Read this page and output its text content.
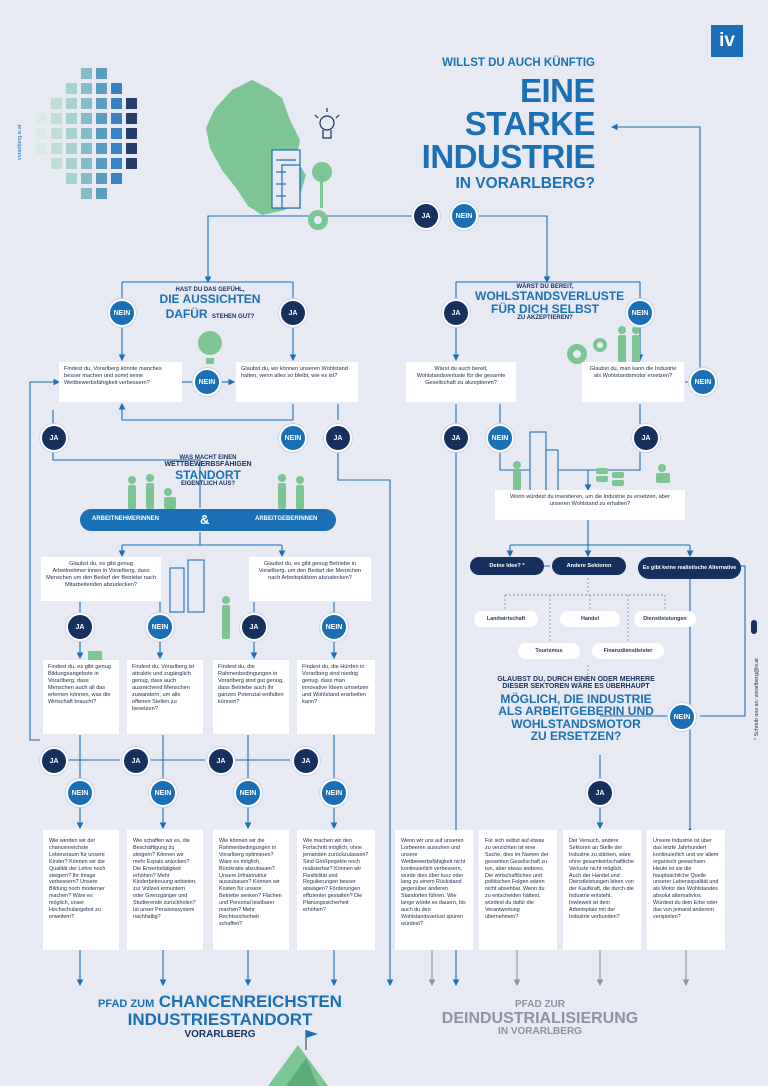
vorarlberg.iv.at
* Schreib uns an: vorarlberg@iv.at
iv
WILLST DU AUCH KÜNFTIG
EINE STARKE
INDUSTRIE
IN VORARLBERG?
JA	NEIN
HAST DU DAS GEFÜHL,
DIE AUSSICHTEN
DAFÜR STEHEN GUT?
NEIN	JA
WÄRST DU BEREIT,
WOHLSTANDSVERLUSTE
FÜR DICH SELBST
ZU AKZEPTIEREN?
JA	NEIN
Findest du, Vorarlberg könnte manches besser machen und somit seine Wettbewerbsfähigkeit verbessern?	NEIN
Glaubst du, wir können unseren Wohlstand halten, wenn alles so bleibt, wie es ist?
Wärst du auch bereit, Wohlstandsverluste für die gesamte Gesellschaft zu akzeptieren?
Glaubst du, man kann die Industrie als Wohlstandsmotor ersetzen?
NEIN
JA	NEIN	JA	JA	NEIN	JA
WAS MACHT EINEN
WETTBEWERBSFÄHIGEN
STANDORT
EIGENTLICH AUS?
ARBEITNEHMERINNEN	&	ARBEITGEBERINNEN
Worin würdest du investieren, um die Industrie zu ersetzen, aber unseren Wohlstand zu erhalten?
Deine Idee? *	Andere Sektoren	Es gibt keine realistische Alternative
Landwirtschaft	Handel	Dienstleistungen
Tourismus	Finanzdienstleister
GLAUBST DU, DURCH EINEN ODER MEHRERE
DIESER SEKTOREN WÄRE ES ÜBERHAUPT
MÖGLICH, DIE INDUSTRIE
ALS ARBEITGEBERIN UND
WOHLSTANDSMOTOR
ZU ERSETZEN?
NEIN
JA
Glaubst du, es gibt genug Arbeitnehmer:innen in Vorarlberg, dass Menschen um den Bedarf der Betriebe nach Mitarbeitenden abzudecken?
Glaubst du, es gibt genug Betriebe in Vorarlberg, um den Bedarf der Menschen nach Arbeitsplätzen abzudecken?
JA	NEIN	JA	NEIN
Findest du, es gibt genug Bildungsangebote in Vorarlberg, dass Menschen auch all das erlernen können, was die Wirtschaft braucht?
Findest du, Vorarlberg ist attraktiv und zugänglich genug, dass auch ausreichend Menschen zuwandern, um alle offenen Stellen zu besetzen?
Findest du, die Rahmenbedingungen in Vorarlberg sind gut genug, dass Betriebe auch ihr ganzes Potenzial entfalten können?
Findest du, die Hürden in Vorarlberg sind niedrig genug, dass man innovative Ideen umsetzen und Wohlstand erarbeiten kann?
JA	JA	JA	JA
NEIN	NEIN	NEIN	NEIN
Wie werden wir der chancenreichste Lebensraum für unsere Kinder? Können wir die Qualität der Lehre noch steigern? Ihr Image verbessern? Unsere Bildung noch moderner machen? Wäre es möglich, unser Hochschulangebot zu erweitern?
Wie schaffen wir es, die Beschäftigung zu steigern? Können wir mehr Expats anlocken? Die Erwerbstätigkeit erhöhen? Mehr Kinderbetreuung anbieten, zur Vollzeit ermuntern oder Grenzgänger und Studierende zurückholen? Ist unser Pensionssystem nachhaltig?
Wie können wir die Rahmenbedingungen in Vorarlberg optimieren? Wäre es möglich, Bürokratie abzubauen? Unsere Infrastruktur auszubauen? Können wir Kosten für unsere Betriebe senken? Flächen und Personal leistbarer machen? Mehr Rechtssicherheit schaffen?
Wie machen wir den Fortschritt möglich, ohne jemanden zurückzulassen? Sind Großprojekte noch realisierbar? Können wir Flexibilität und Regulierungen besser abwägen? Förderungen effizienter gestalten? Die Planungssicherheit erhöhen?
Wenn wir uns auf unseren Lorbeeren ausruhen und unsere Wettbewerbsfähigkeit nicht kontinuierlich verbessern, würde dies über kurz oder lang zu einem Rückstand gegenüber anderen Standorten führen. Wie lange würde es dauern, bis auch du den Wohlstandsverlust spüren würdest?
Für sich selbst auf etwas zu verzichten ist eine Sache, dies im Namen der gesamten Gesellschaft zu tun, aber etwas anderes. Die wirtschaftlichen und politischen Folgen wären nicht absehbar. Wenn du zu entscheiden hättest, würdest du dafür die Verantwortung übernehmen?
Der Versuch, andere Sektoren an Stelle der Industrie zu stärken, wäre ohne gesamtwirtschaftliche Verluste nicht möglich. Auch der Handel und Dienstleistungen leben von der Kaufkraft, die durch die Industrie entsteht. Inwieweit ist dein Arbeitsplatz mit der Industrie verbunden?
Unsere Industrie ist über das letzte Jahrhundert kontinuierlich und vor allem organisch gewachsen. Heute ist sie die hauptsächliche Quelle unserer Lebensqualität und als Motor des Wohlstandes absolut alternativlos. Würdest du dein Erbe oder das von jemand anderem verspielen?
PFAD ZUM CHANCENREICHSTEN
INDUSTRIESTANDORT
VORARLBERG
PFAD ZUR
DEINDUSTRIALISIERUNG
IN VORARLBERG
